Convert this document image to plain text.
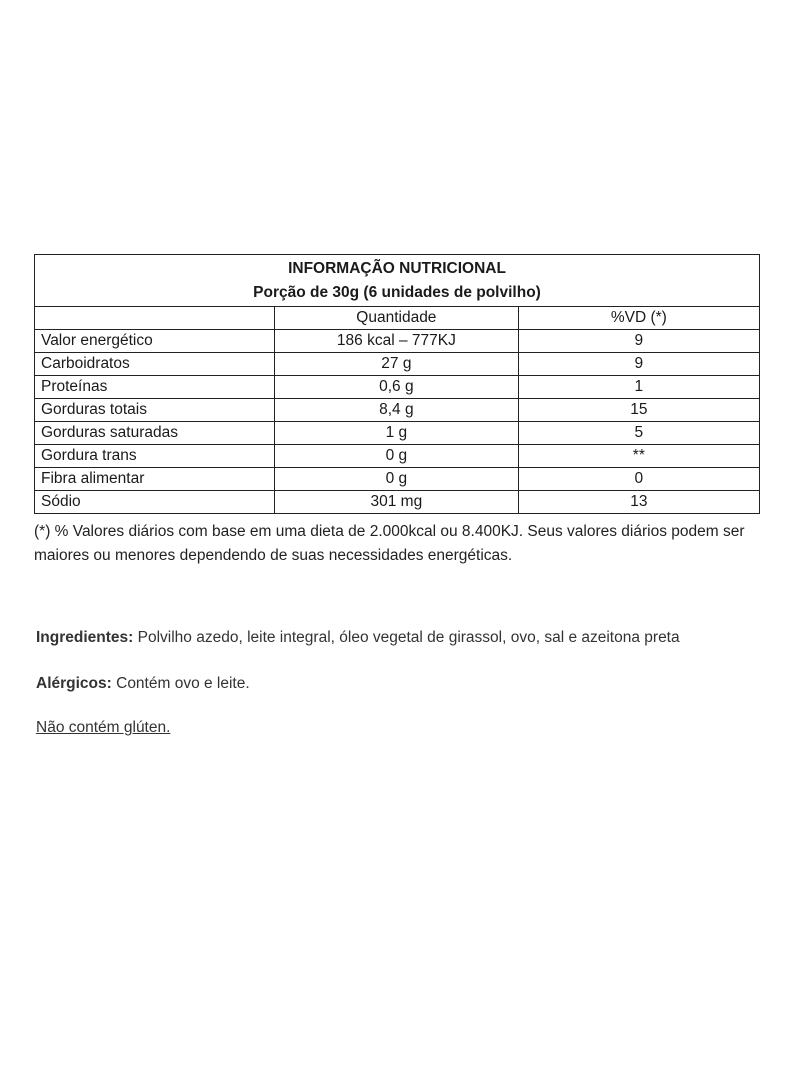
INFORMAÇÃO NUTRICIONAL
Porção de 30g (6 unidades de polvilho)		

	Quantidade	%VD (*)
Valor energético	186 kcal – 777KJ	9
Carboidratos	27 g	9
Proteínas	0,6 g	1
Gorduras totais	8,4 g	15
Gorduras saturadas	1 g	5
Gordura trans	0 g	**
Fibra alimentar	0 g	0
Sódio	301 mg	13
(*) % Valores diários com base em uma dieta de 2.000kcal ou 8.400KJ. Seus valores diários podem ser maiores ou menores dependendo de suas necessidades energéticas.
Ingredientes: Polvilho azedo, leite integral, óleo vegetal de girassol, ovo, sal e azeitona preta
Alérgicos: Contém ovo e leite.
Não contém glúten.
